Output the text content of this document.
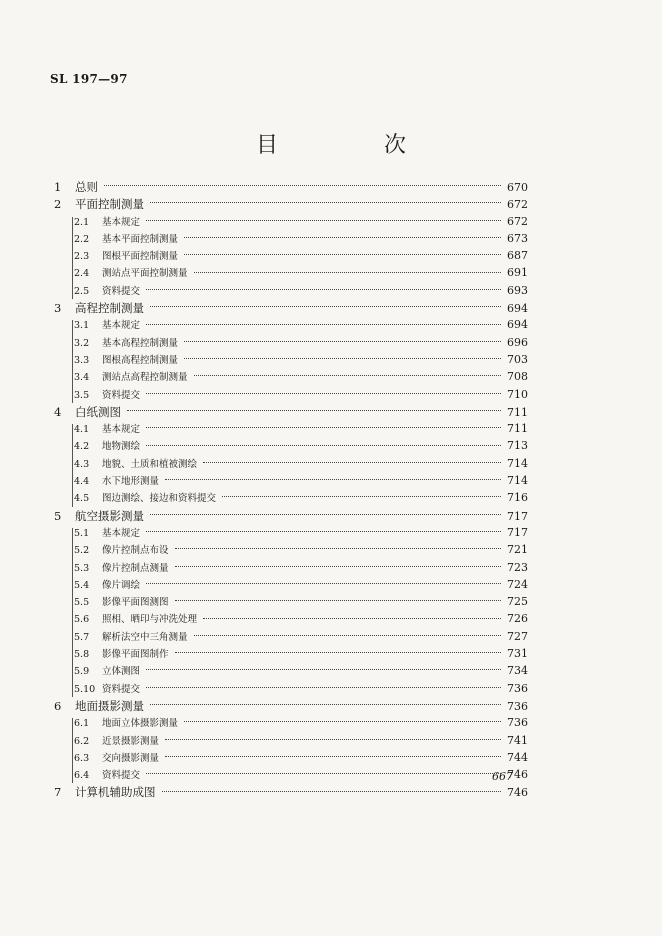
SL 197—97
目　次
1	总则	670
2	平面控制测量	672
2.1	基本规定	672
2.2	基本平面控制测量	673
2.3	图根平面控制测量	687
2.4	测站点平面控制测量	691
2.5	资料提交	693
3	高程控制测量	694
3.1	基本规定	694
3.2	基本高程控制测量	696
3.3	图根高程控制测量	703
3.4	测站点高程控制测量	708
3.5	资料提交	710
4	白纸测图	711
4.1	基本规定	711
4.2	地物测绘	713
4.3	地貌、土质和植被测绘	714
4.4	水下地形测量	714
4.5	图边测绘、接边和资料提交	716
5	航空摄影测量	717
5.1	基本规定	717
5.2	像片控制点布设	721
5.3	像片控制点测量	723
5.4	像片调绘	724
5.5	影像平面图测图	725
5.6	照相、晒印与冲洗处理	726
5.7	解析法空中三角测量	727
5.8	影像平面图制作	731
5.9	立体测图	734
5.10 资料提交	736
6	地面摄影测量	736
6.1	地面立体摄影测量	736
6.2	近景摄影测量	741
6.3	交向摄影测量	744
6.4	资料提交	746
7	计算机辅助成图	746
667
